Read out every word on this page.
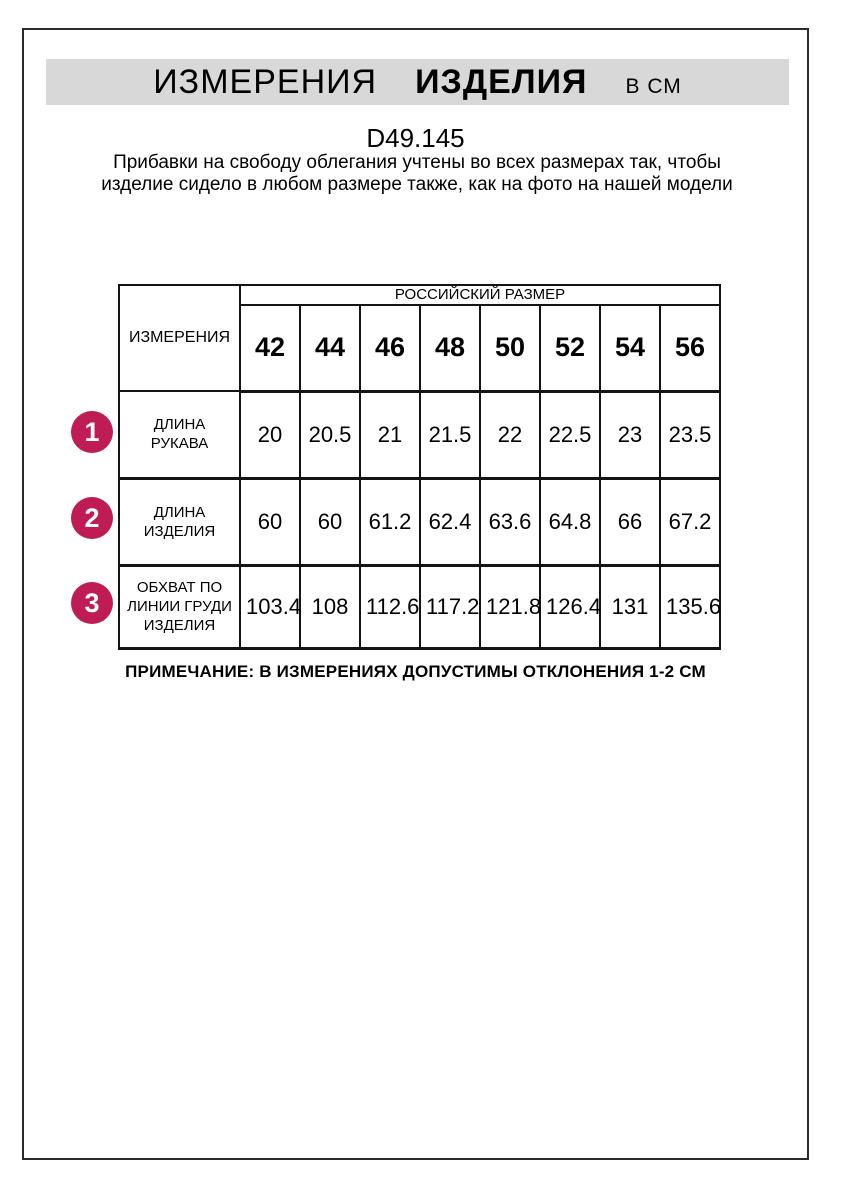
ИЗМЕРЕНИЯ ИЗДЕЛИЯ В СМ
D49.145
Прибавки на свободу облегания учтены во всех размерах так, чтобы изделие сидело в любом размере также, как на фото на нашей модели
ИЗМЕРЕНИЯ	РОССИЙСКИЙ РАЗМЕР							
	42	44	46	48	50	52	54	56
ДЛИНА РУКАВА	20	20.5	21	21.5	22	22.5	23	23.5
ДЛИНА ИЗДЕЛИЯ	60	60	61.2	62.4	63.6	64.8	66	67.2
ОБХВАТ ПО ЛИНИИ ГРУДИ ИЗДЕЛИЯ	103.4	108	112.6	117.2	121.8	126.4	131	135.6
1
2
3
ПРИМЕЧАНИЕ: В ИЗМЕРЕНИЯХ ДОПУСТИМЫ ОТКЛОНЕНИЯ 1-2 СМ
